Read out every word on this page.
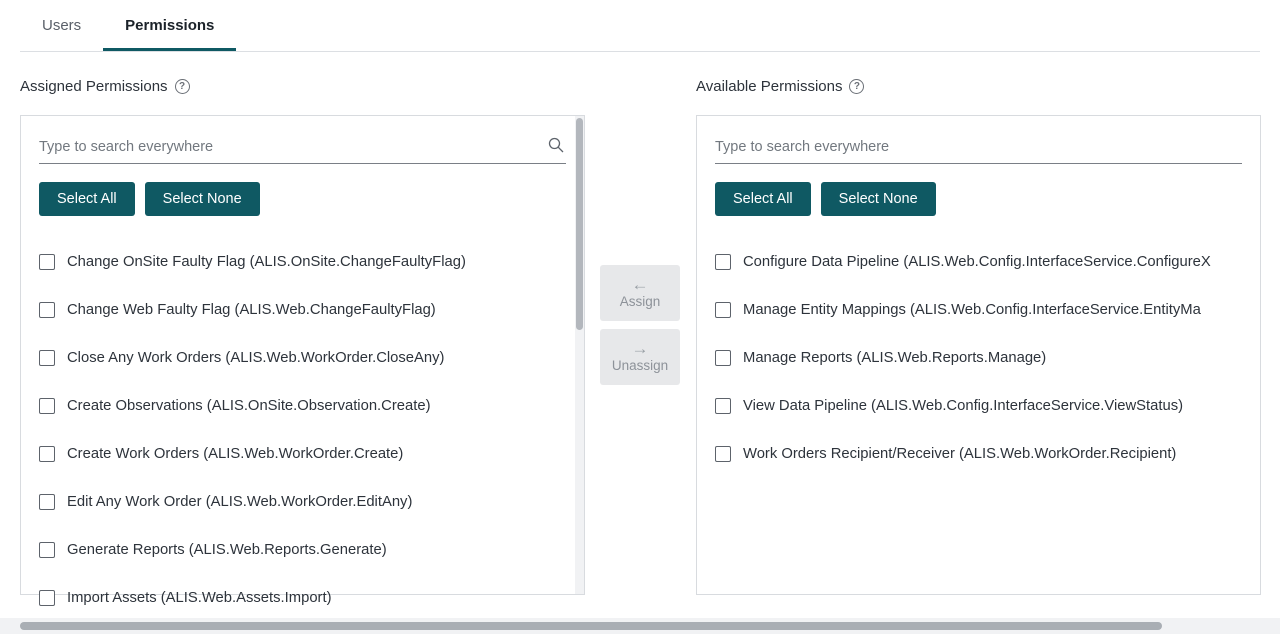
Users	Permissions
Assigned Permissions	?	Available Permissions	?
Type to search everywhere
Select All	Select None
Change OnSite Faulty Flag (ALIS.OnSite.ChangeFaultyFlag)
Change Web Faulty Flag (ALIS.Web.ChangeFaultyFlag)
Close Any Work Orders (ALIS.Web.WorkOrder.CloseAny)
Create Observations (ALIS.OnSite.Observation.Create)
Create Work Orders (ALIS.Web.WorkOrder.Create)
Edit Any Work Order (ALIS.Web.WorkOrder.EditAny)
Generate Reports (ALIS.Web.Reports.Generate)
Import Assets (ALIS.Web.Assets.Import)
←
Assign
→
Unassign
Type to search everywhere
Select All	Select None
Configure Data Pipeline (ALIS.Web.Config.InterfaceService.ConfigureX
Manage Entity Mappings (ALIS.Web.Config.InterfaceService.EntityMa
Manage Reports (ALIS.Web.Reports.Manage)
View Data Pipeline (ALIS.Web.Config.InterfaceService.ViewStatus)
Work Orders Recipient/Receiver (ALIS.Web.WorkOrder.Recipient)
